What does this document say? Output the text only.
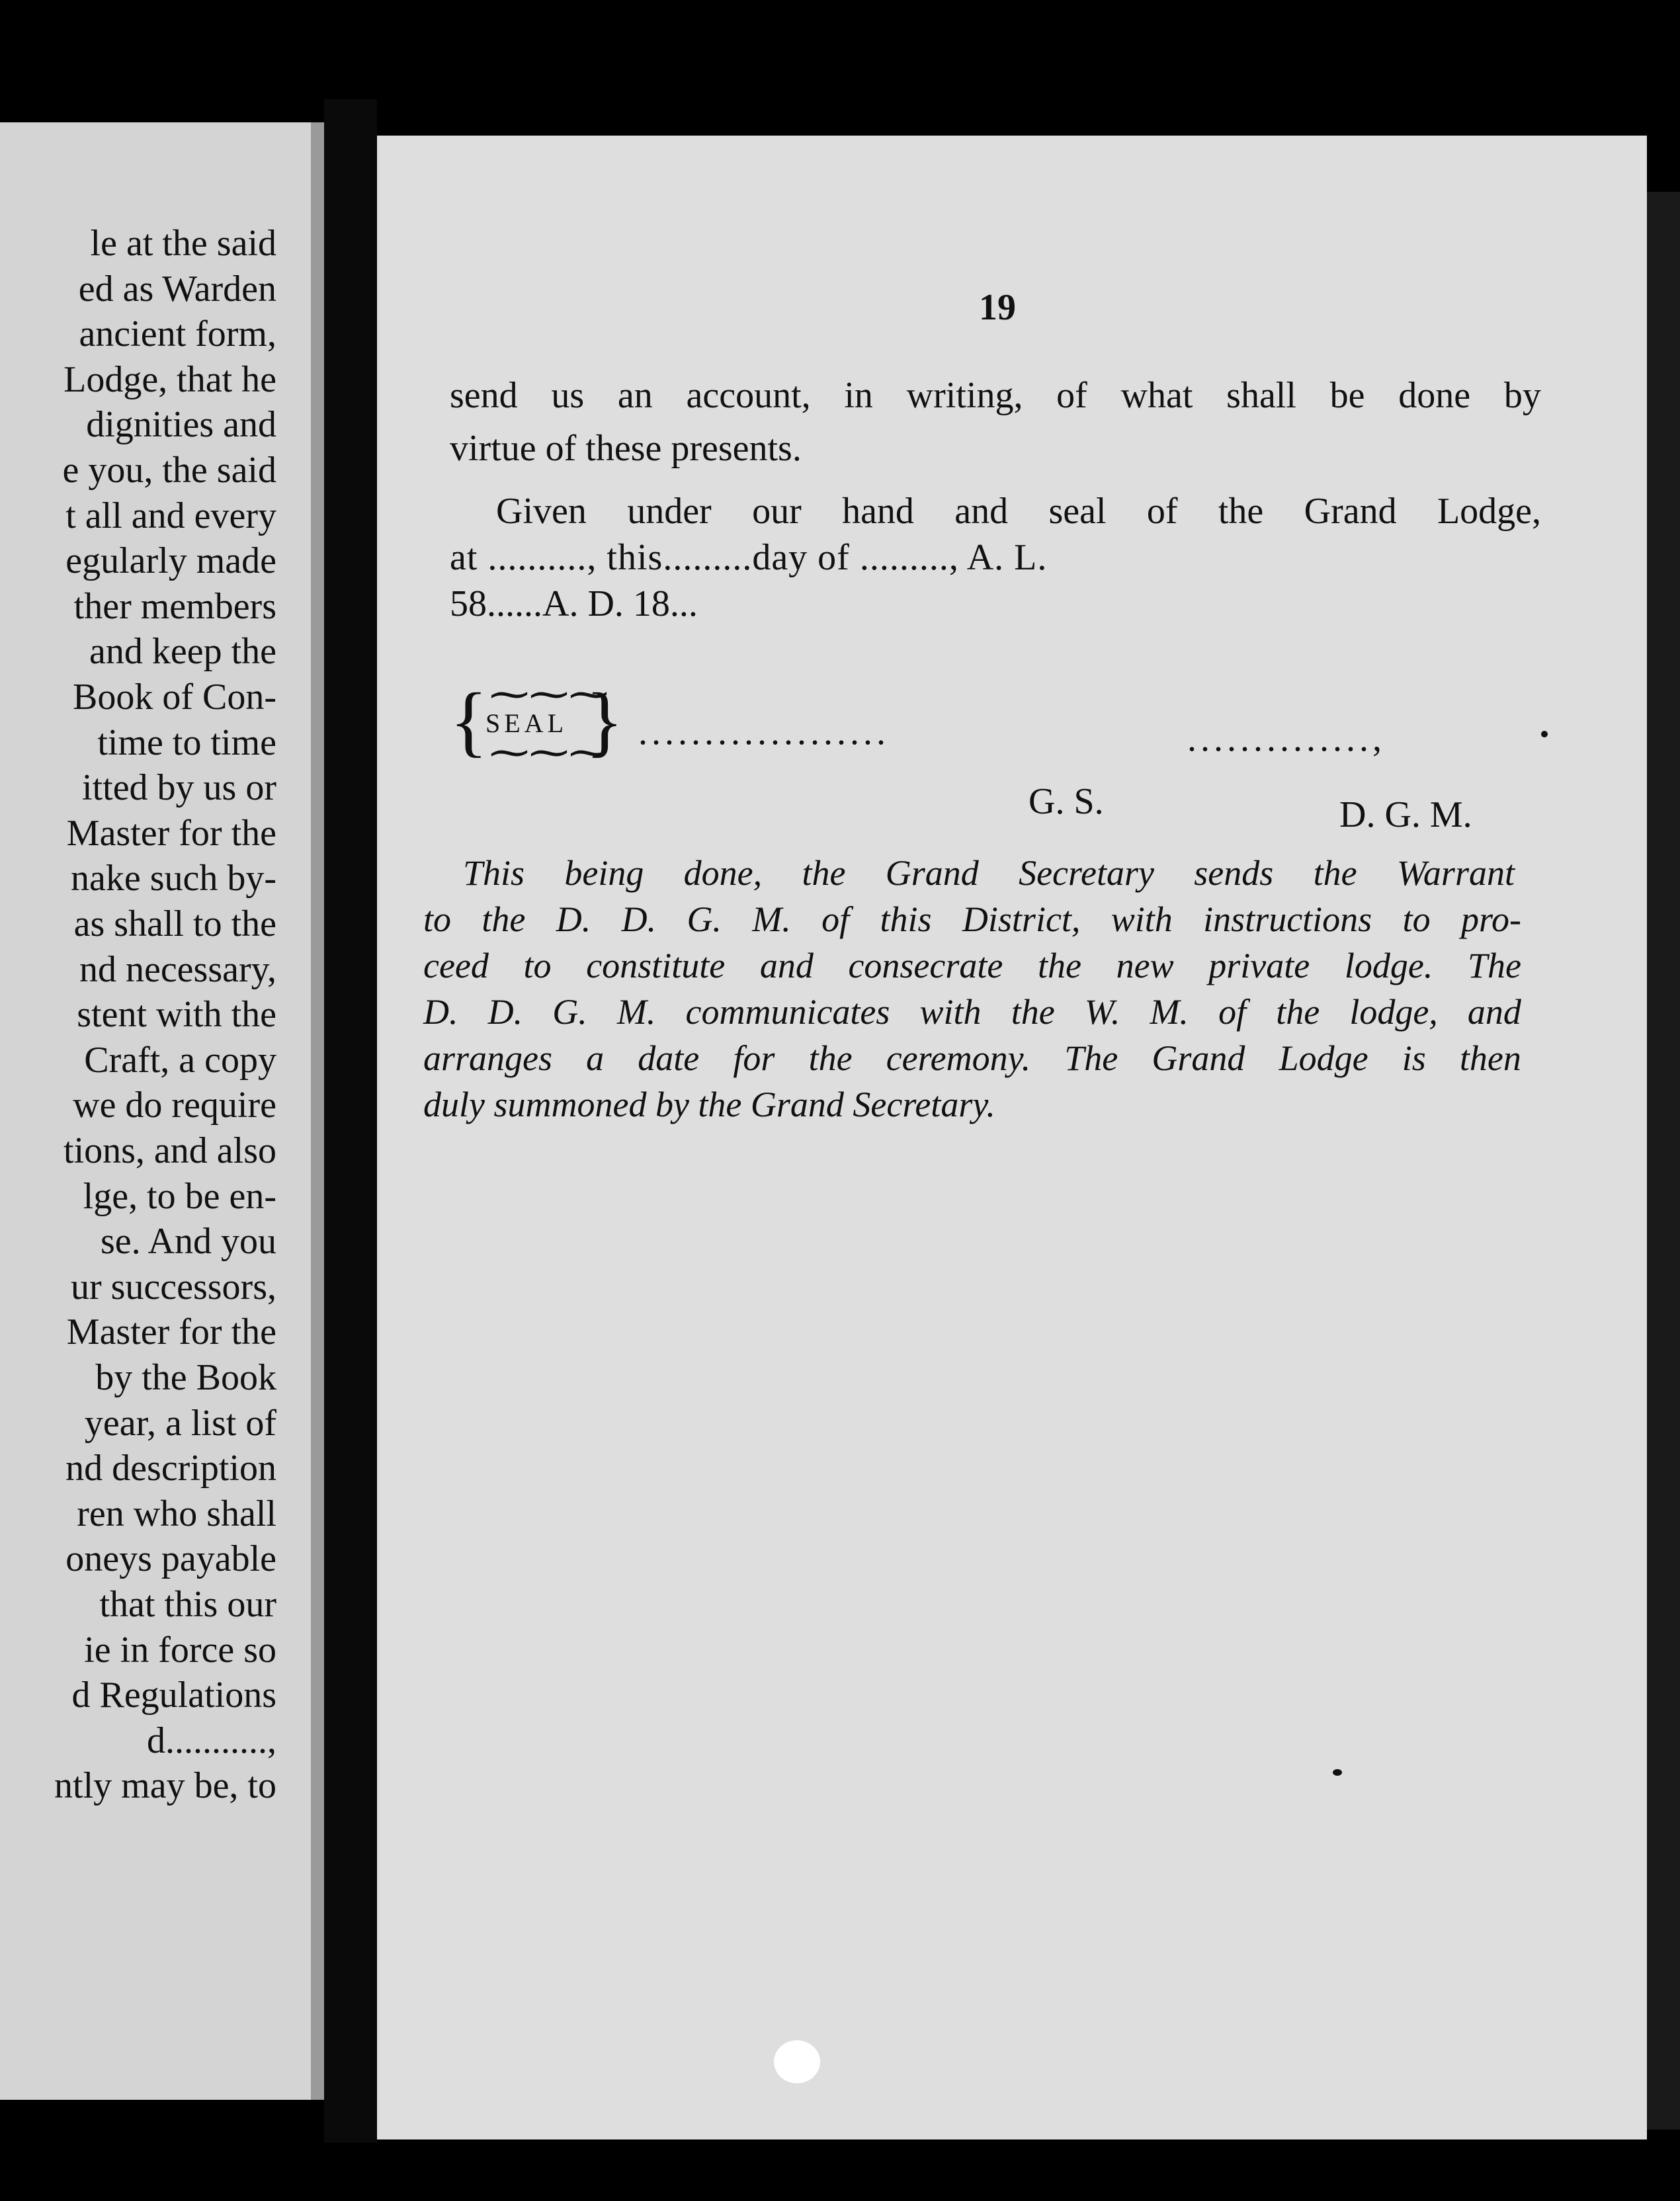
le at the said
ed as Warden
ancient form,
Lodge, that he
dignities and
e you, the said
t all and every
egularly made
ther members
and keep the
Book of Con-
time to time
itted by us or
Master for the
nake such by-
as shall to the
nd necessary,
stent with the
Craft, a copy
we do require
tions, and also
lge, to be en-
se. And you
ur successors,
Master for the
by the Book
year, a list of
nd description
ren who shall
oneys payable
that this our
ie in force so
d Regulations
d...........,
ntly may be, to
19
send us an account, in writing, of what shall be done by
virtue of these presents.
Given under our hand and seal of the Grand Lodge,
at .........., this.........day of ........., A. L.
58......A. D. 18...
{ ⁓⁓⁓
SEAL
⁓⁓⁓
} ...................	..............,
G. S.	D. G. M.
This being done, the Grand Secretary sends the Warrant
to the D. D. G. M. of this District, with instructions to pro-
ceed to constitute and consecrate the new private lodge. The
D. D. G. M. communicates with the W. M. of the lodge, and
arranges a date for the ceremony. The Grand Lodge is then
duly summoned by the Grand Secretary.
